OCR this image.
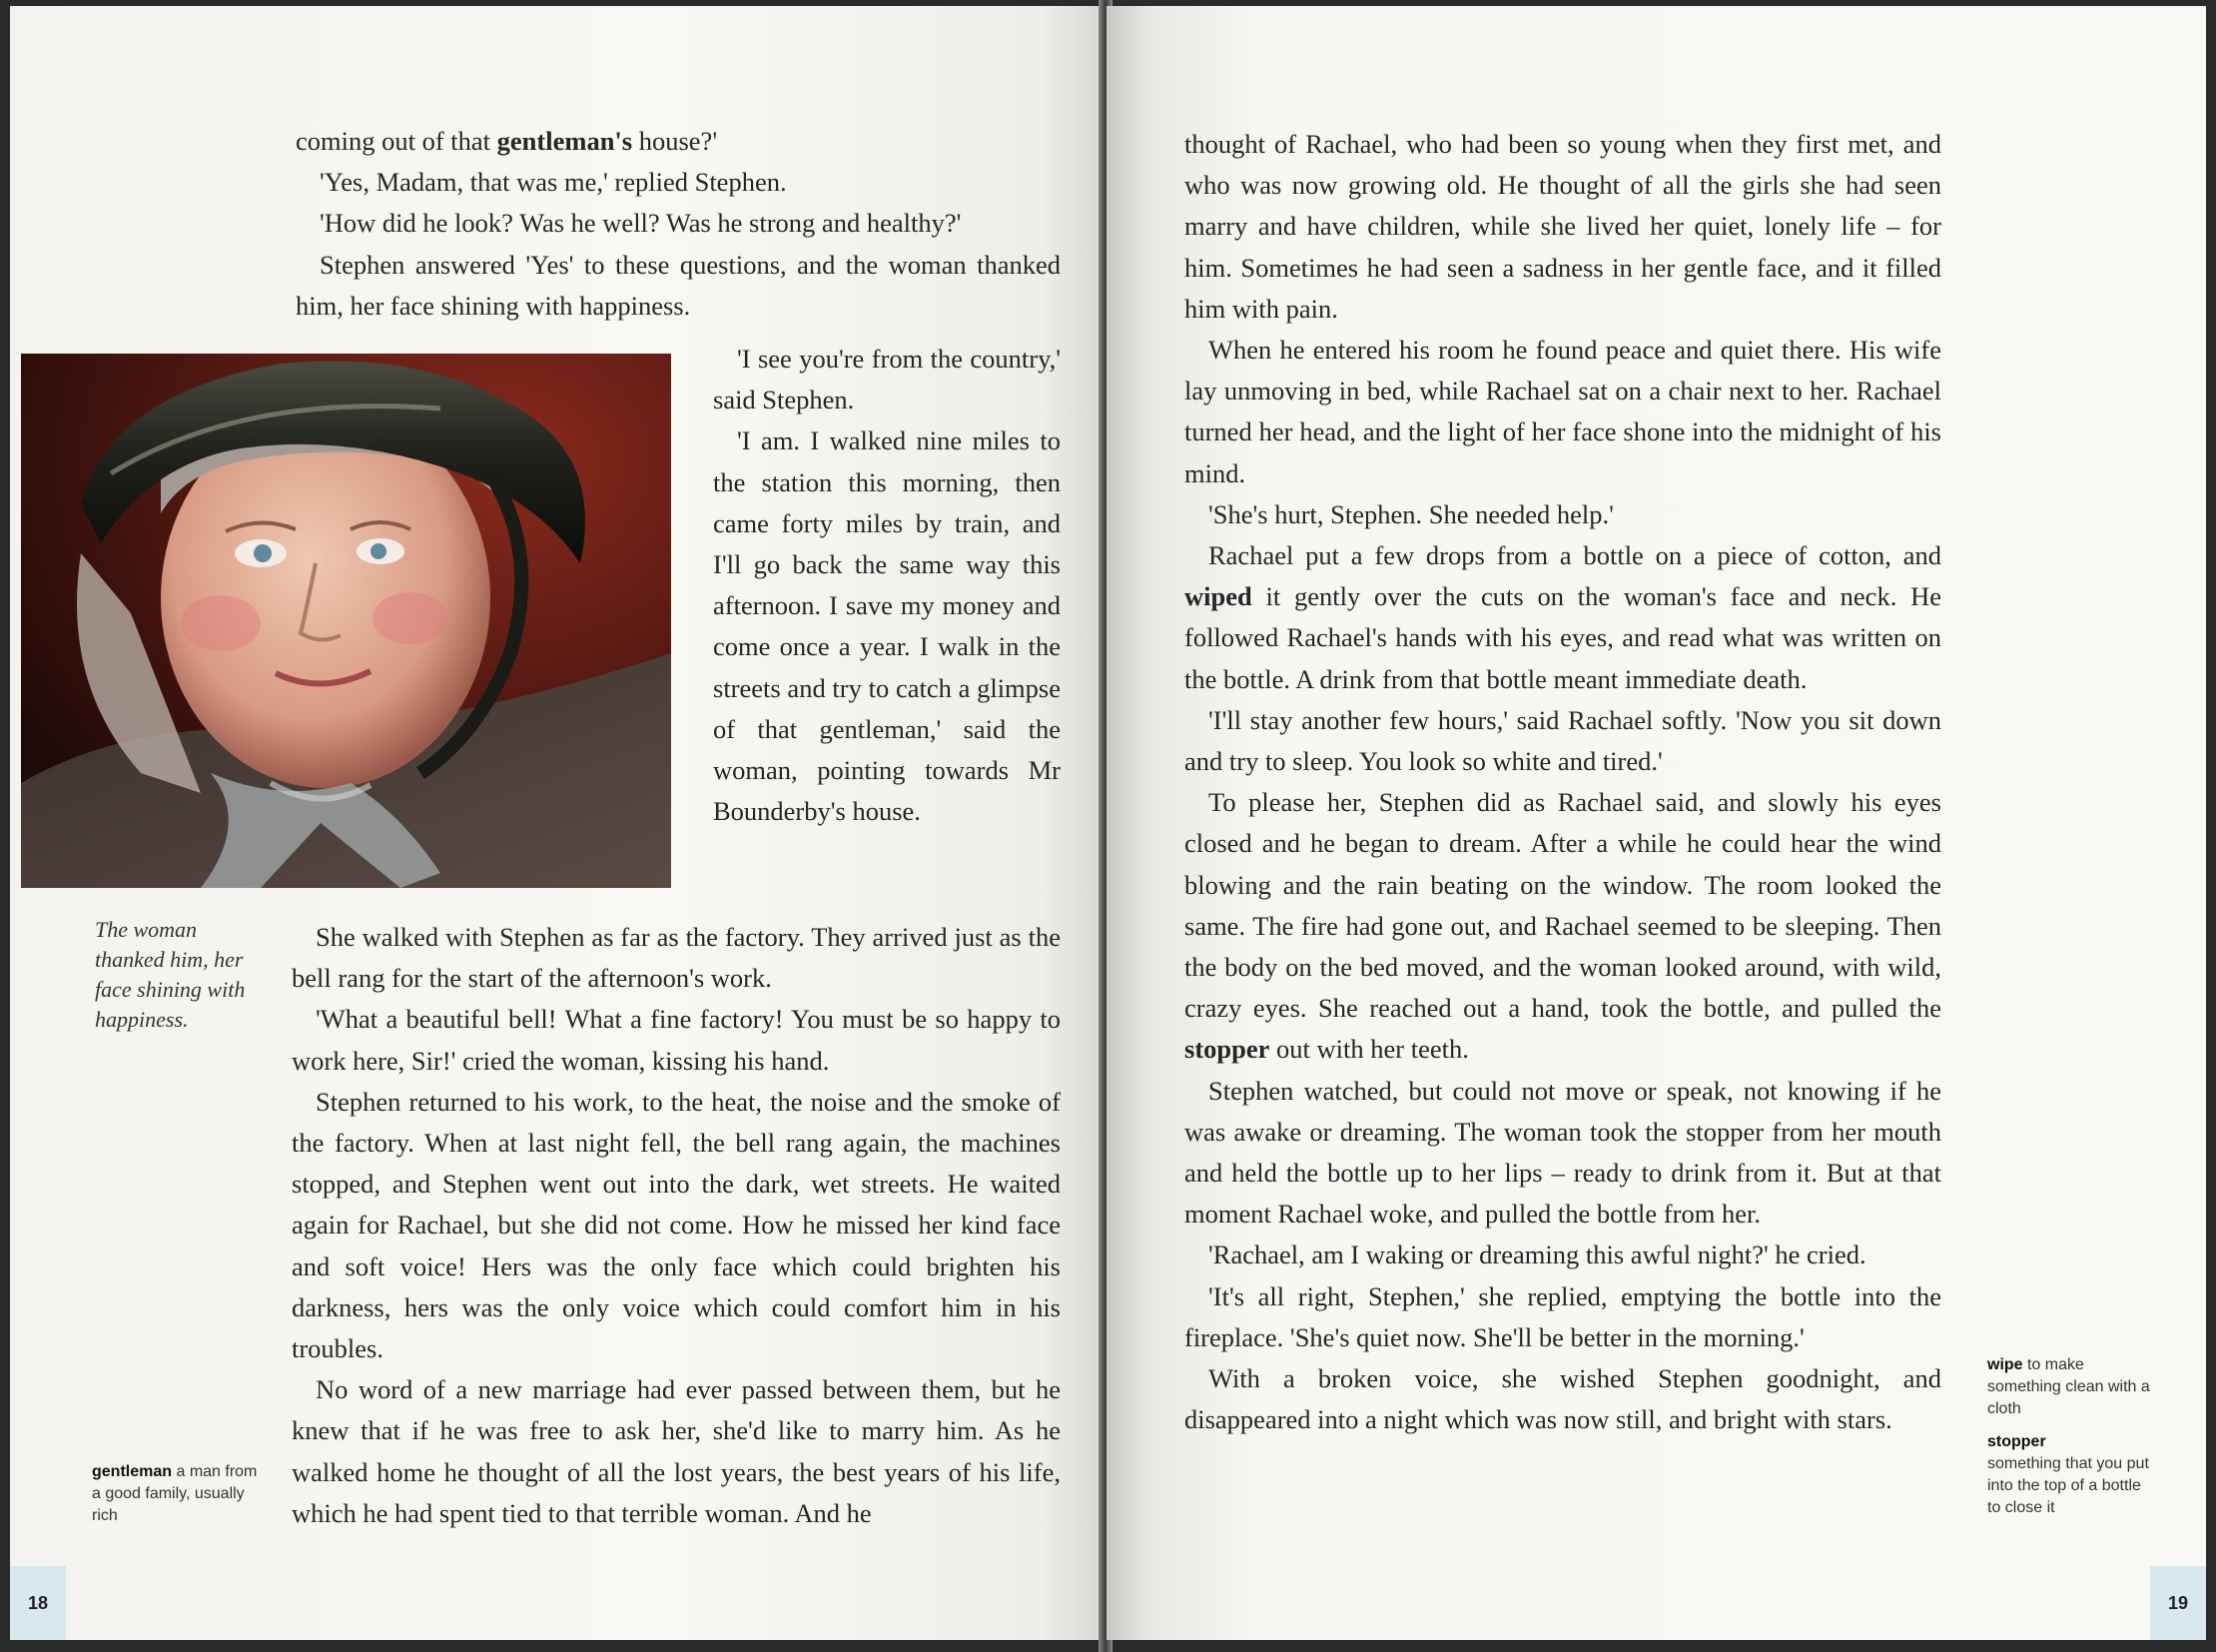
coming out of that gentleman's house?'

'Yes, Madam, that was me,' replied Stephen.

'How did he look? Was he well? Was he strong and healthy?'

Stephen answered 'Yes' to these questions, and the woman thanked him, her face shining with happiness.

'I see you're from the country,' said Stephen.

'I am. I walked nine miles to the station this morning, then came forty miles by train, and I'll go back the same way this afternoon. I save my money and come once a year. I walk in the streets and try to catch a glimpse of that gentleman,' said the woman, pointing towards Mr Bounderby's house.

The woman thanked him, her face shining with happiness.

She walked with Stephen as far as the factory. They arrived just as the bell rang for the start of the afternoon's work.

'What a beautiful bell! What a fine factory! You must be so happy to work here, Sir!' cried the woman, kissing his hand.

Stephen returned to his work, to the heat, the noise and the smoke of the factory. When at last night fell, the bell rang again, the machines stopped, and Stephen went out into the dark, wet streets. He waited again for Rachael, but she did not come. How he missed her kind face and soft voice! Hers was the only face which could brighten his darkness, hers was the only voice which could comfort him in his troubles.

No word of a new marriage had ever passed between them, but he knew that if he was free to ask her, she'd like to marry him. As he walked home he thought of all the lost years, the best years of his life, which he had spent tied to that terrible woman. And he

gentleman a man from a good family, usually rich
18

thought of Rachael, who had been so young when they first met, and who was now growing old. He thought of all the girls she had seen marry and have children, while she lived her quiet, lonely life – for him. Sometimes he had seen a sadness in her gentle face, and it filled him with pain.

When he entered his room he found peace and quiet there. His wife lay unmoving in bed, while Rachael sat on a chair next to her. Rachael turned her head, and the light of her face shone into the midnight of his mind.

'She's hurt, Stephen. She needed help.'

Rachael put a few drops from a bottle on a piece of cotton, and wiped it gently over the cuts on the woman's face and neck. He followed Rachael's hands with his eyes, and read what was written on the bottle. A drink from that bottle meant immediate death.

'I'll stay another few hours,' said Rachael softly. 'Now you sit down and try to sleep. You look so white and tired.'

To please her, Stephen did as Rachael said, and slowly his eyes closed and he began to dream. After a while he could hear the wind blowing and the rain beating on the window. The room looked the same. The fire had gone out, and Rachael seemed to be sleeping. Then the body on the bed moved, and the woman looked around, with wild, crazy eyes. She reached out a hand, took the bottle, and pulled the stopper out with her teeth.

Stephen watched, but could not move or speak, not knowing if he was awake or dreaming. The woman took the stopper from her mouth and held the bottle up to her lips – ready to drink from it. But at that moment Rachael woke, and pulled the bottle from her.

'Rachael, am I waking or dreaming this awful night?' he cried.

'It's all right, Stephen,' she replied, emptying the bottle into the fireplace. 'She's quiet now. She'll be better in the morning.'

With a broken voice, she wished Stephen goodnight, and disappeared into a night which was now still, and bright with stars.

wipe to make something clean with a cloth
stopper
something that you put into the top of a bottle to close it
19
